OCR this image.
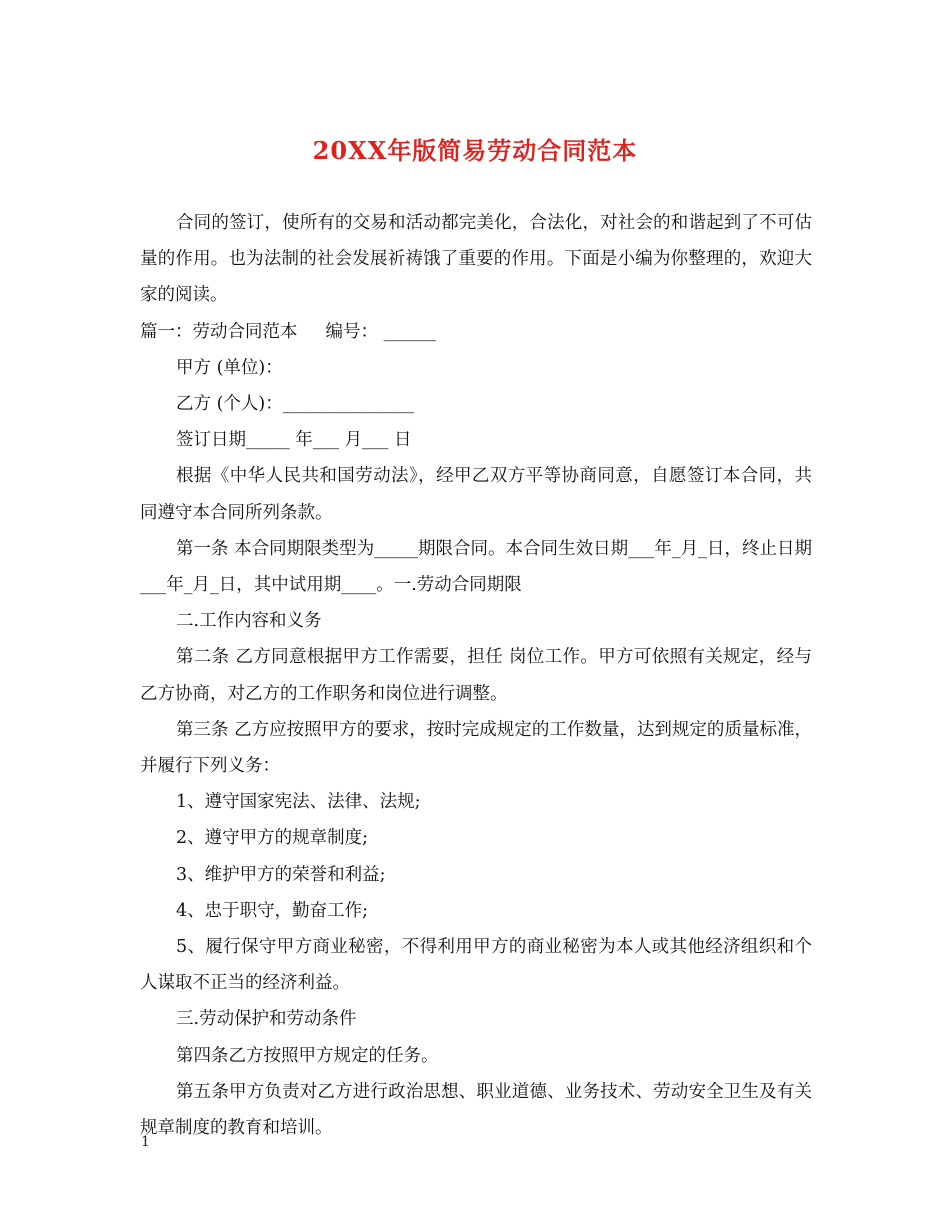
20XX年版简易劳动合同范本

合同的签订，使所有的交易和活动都完美化，合法化，对社会的和谐起到了不可估量的作用。也为法制的社会发展祈祷饿了重要的作用。下面是小编为你整理的，欢迎大家的阅读。

篇一：劳动合同范本 编号： ______

甲方 (单位)：

乙方 (个人)：_______________

签订日期_____ 年___ 月___ 日

根据《中华人民共和国劳动法》，经甲乙双方平等协商同意，自愿签订本合同，共同遵守本合同所列条款。

第一条 本合同期限类型为_____期限合同。本合同生效日期___年_月_日，终止日期___年_月_日，其中试用期____。一.劳动合同期限

二.工作内容和义务

第二条 乙方同意根据甲方工作需要，担任 岗位工作。甲方可依照有关规定，经与乙方协商，对乙方的工作职务和岗位进行调整。

第三条 乙方应按照甲方的要求，按时完成规定的工作数量，达到规定的质量标准，并履行下列义务：

1、遵守国家宪法、法律、法规;

2、遵守甲方的规章制度;

3、维护甲方的荣誉和利益;

4、忠于职守，勤奋工作;

5、履行保守甲方商业秘密，不得利用甲方的商业秘密为本人或其他经济组织和个人谋取不正当的经济利益。

三.劳动保护和劳动条件

第四条乙方按照甲方规定的任务。

第五条甲方负责对乙方进行政治思想、职业道德、业务技术、劳动安全卫生及有关规章制度的教育和培训。

1
